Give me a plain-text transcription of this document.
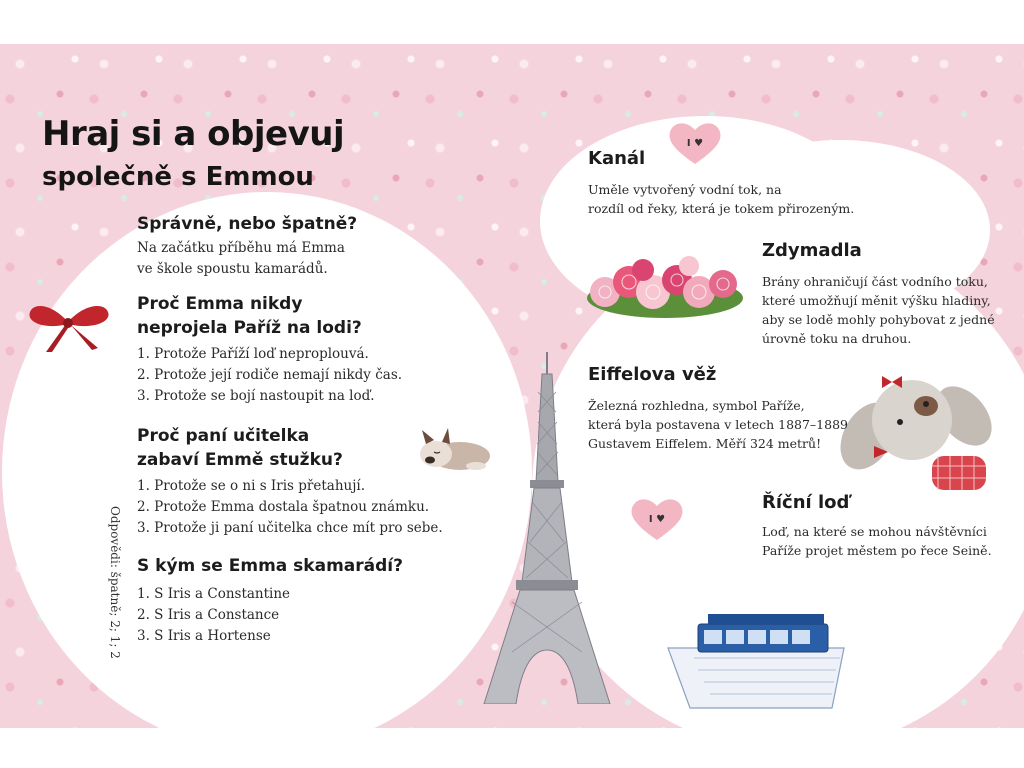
Hraj si a objevuj
společně s Emmou
Správně, nebo špatně?
Na začátku příběhu má Emma
ve škole spoustu kamarádů.
Proč Emma nikdy
neprojela Paříž na lodi?
1. Protože Paříží loď neproplouvá.
2. Protože její rodiče nemají nikdy čas.
3. Protože se bojí nastoupit na loď.
Proč paní učitelka
zabaví Emmě stužku?
1. Protože se o ni s Iris přetahují.
2. Protože Emma dostala špatnou známku.
3. Protože ji paní učitelka chce mít pro sebe.
S kým se Emma skamarádí?
1. S Iris a Constantine
2. S Iris a Constance
3. S Iris a Hortense
Odpovědi: špatně; 2; 1; 2
I ♥
I ♥
Kanál
Uměle vytvořený vodní tok, na
rozdíl od řeky, která je tokem přirozeným.
Zdymadla
Brány ohraničují část vodního toku,
které umožňují měnit výšku hladiny,
aby se lodě mohly pohybovat z jedné
úrovně toku na druhou.
Eiffelova věž
Železná rozhledna, symbol Paříže,
která byla postavena v letech 1887–1889
Gustavem Eiffelem. Měří 324 metrů!
Říční loď
Loď, na které se mohou návštěvníci
Paříže projet městem po řece Seině.
